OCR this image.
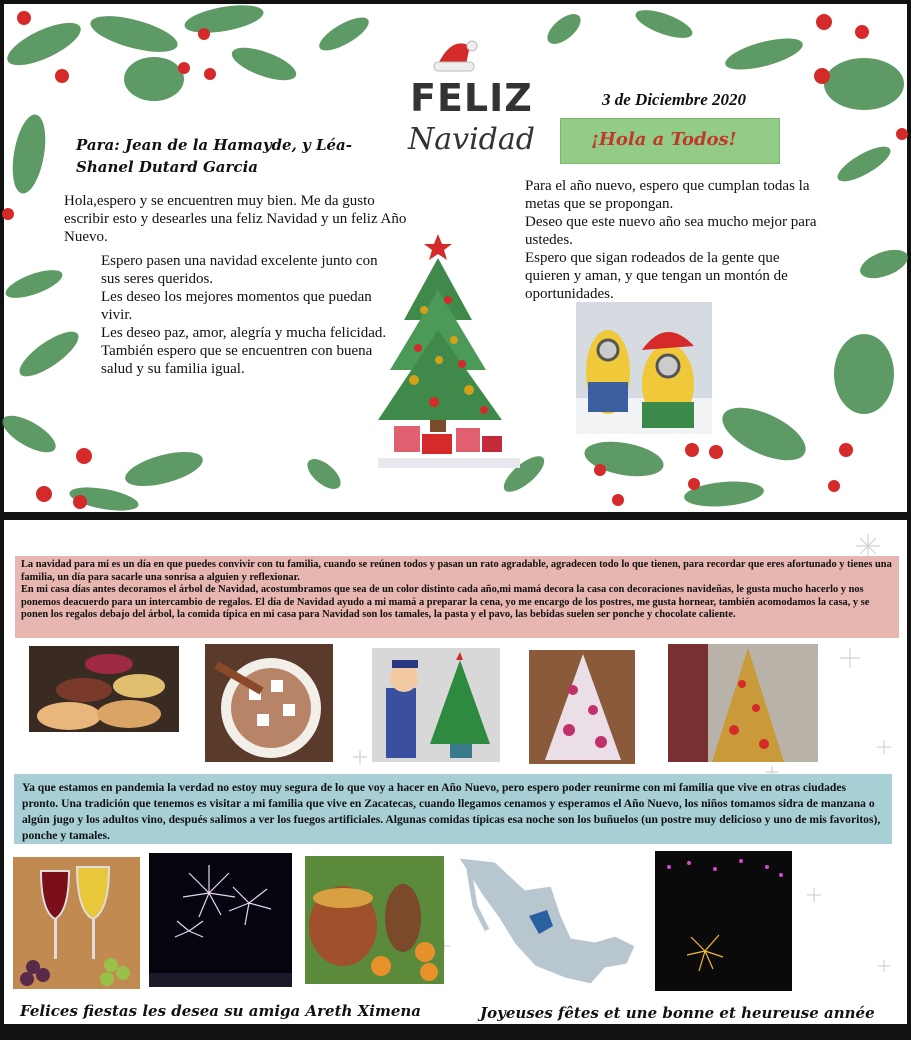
FELIZ
Navidad
3 de Diciembre 2020
¡Hola a Todos!
Para: Jean de la Hamayde, y Léa-
Shanel Dutard Garcia
Hola,espero y se encuentren muy bien. Me da gusto escribir esto y desearles una feliz Navidad y un feliz Año Nuevo.
Espero pasen una navidad excelente junto con sus seres queridos.
Les deseo los mejores momentos que puedan vivir.
Les deseo paz, amor, alegría y mucha felicidad.
También espero que se encuentren con buena salud y su familia igual.
Para el año nuevo, espero que cumplan todas la metas que se propongan.
Deseo que este nuevo año sea mucho mejor para ustedes.
Espero que sigan rodeados de la gente que quieren y aman, y que tengan un montón de oportunidades.

La navidad para mi es un día en que puedes convivir con tu familia, cuando se reúnen todos y pasan un rato agradable, agradecen todo lo que tienen, para recordar que eres afortunado y tienes una familia, un día para sacarle una sonrisa a alguien y reflexionar.

En mi casa días antes decoramos el árbol de Navidad, acostumbramos que sea de un color distinto cada año,mi mamá decora la casa con decoraciones navideñas, le gusta mucho hacerlo y nos ponemos deacuerdo para un intercambio de regalos. El día de Navidad ayudo a mi mamá a preparar la cena, yo me encargo de los postres, me gusta hornear, también acomodamos la casa, y se ponen los regalos debajo del árbol, la comida típica en mi casa para Navidad son los tamales, la pasta y el pavo, las bebidas suelen ser ponche y chocolate caliente.

Ya que estamos en pandemia la verdad no estoy muy segura de lo que voy a hacer en Año Nuevo, pero espero poder reunirme con mi familia que vive en otras ciudades pronto. Una tradición que tenemos es visitar a mi familia que vive en Zacatecas, cuando llegamos cenamos y esperamos el Año Nuevo, los niños tomamos sidra de manzana o algún jugo y los adultos vino, después salimos a ver los fuegos artificiales. Algunas comidas típicas esa noche son los buñuelos (un postre muy delicioso y uno de mis favoritos), ponche y tamales.

Felices fiestas les desea su amiga Areth Ximena	Joyeuses fêtes et une bonne et heureuse année 2021!
